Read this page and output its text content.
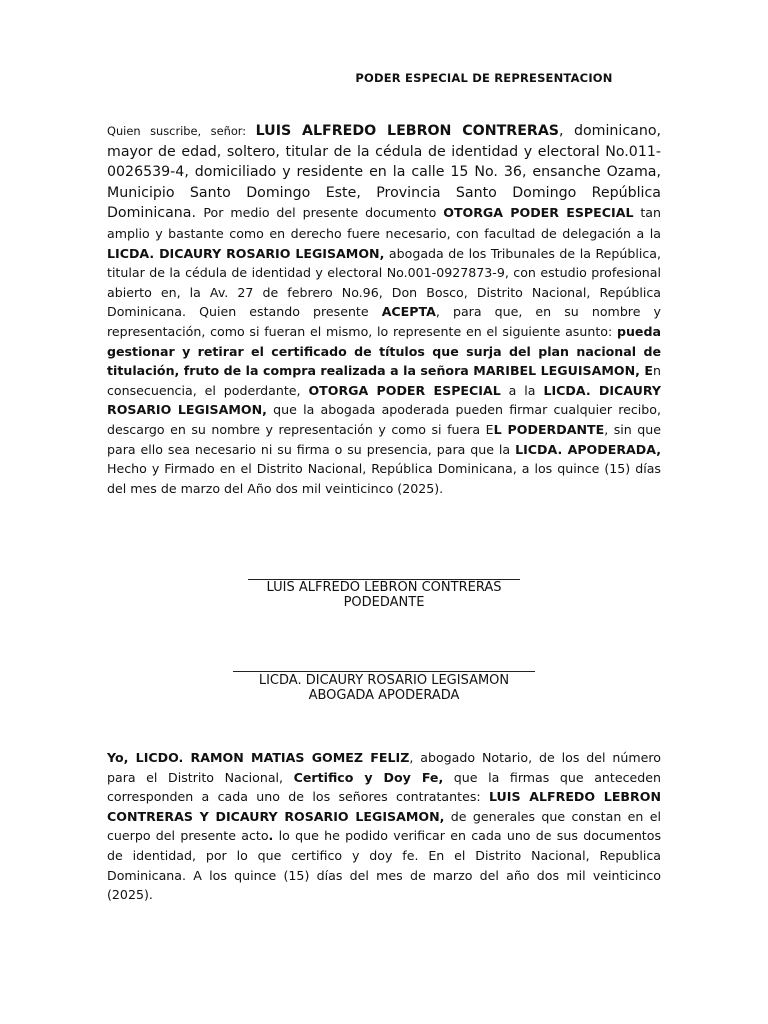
PODER ESPECIAL DE REPRESENTACION

Quien suscribe, señor: LUIS ALFREDO LEBRON CONTRERAS, dominicano, mayor de edad, soltero, titular de la cédula de identidad y electoral No.011-0026539-4, domiciliado y residente en la calle 15 No. 36, ensanche Ozama, Municipio Santo Domingo Este, Provincia Santo Domingo República Dominicana. Por medio del presente documento OTORGA PODER ESPECIAL tan amplio y bastante como en derecho fuere necesario, con facultad de delegación a la LICDA. DICAURY ROSARIO LEGISAMON, abogada de los Tribunales de la República, titular de la cédula de identidad y electoral No.001-0927873-9, con estudio profesional abierto en, la Av. 27 de febrero No.96, Don Bosco, Distrito Nacional, República Dominicana. Quien estando presente ACEPTA, para que, en su nombre y representación, como si fueran el mismo, lo represente en el siguiente asunto: pueda gestionar y retirar el certificado de títulos que surja del plan nacional de titulación, fruto de la compra realizada a la señora MARIBEL LEGUISAMON, En consecuencia, el poderdante, OTORGA PODER ESPECIAL a la LICDA. DICAURY ROSARIO LEGISAMON, que la abogada apoderada pueden firmar cualquier recibo, descargo en su nombre y representación y como si fuera EL PODERDANTE, sin que para ello sea necesario ni su firma o su presencia, para que la LICDA. APODERADA, Hecho y Firmado en el Distrito Nacional, República Dominicana, a los quince (15) días del mes de marzo del Año dos mil veinticinco (2025).

LUIS ALFREDO LEBRON CONTRERAS
PODEDANTE
LICDA. DICAURY ROSARIO LEGISAMON
ABOGADA APODERADA

Yo, LICDO. RAMON MATIAS GOMEZ FELIZ, abogado Notario, de los del número para el Distrito Nacional, Certifico y Doy Fe, que la firmas que anteceden corresponden a cada uno de los señores contratantes: LUIS ALFREDO LEBRON CONTRERAS Y DICAURY ROSARIO LEGISAMON, de generales que constan en el cuerpo del presente acto. lo que he podido verificar en cada uno de sus documentos de identidad, por lo que certifico y doy fe. En el Distrito Nacional, Republica Dominicana. A los quince (15) días del mes de marzo del año dos mil veinticinco (2025).
